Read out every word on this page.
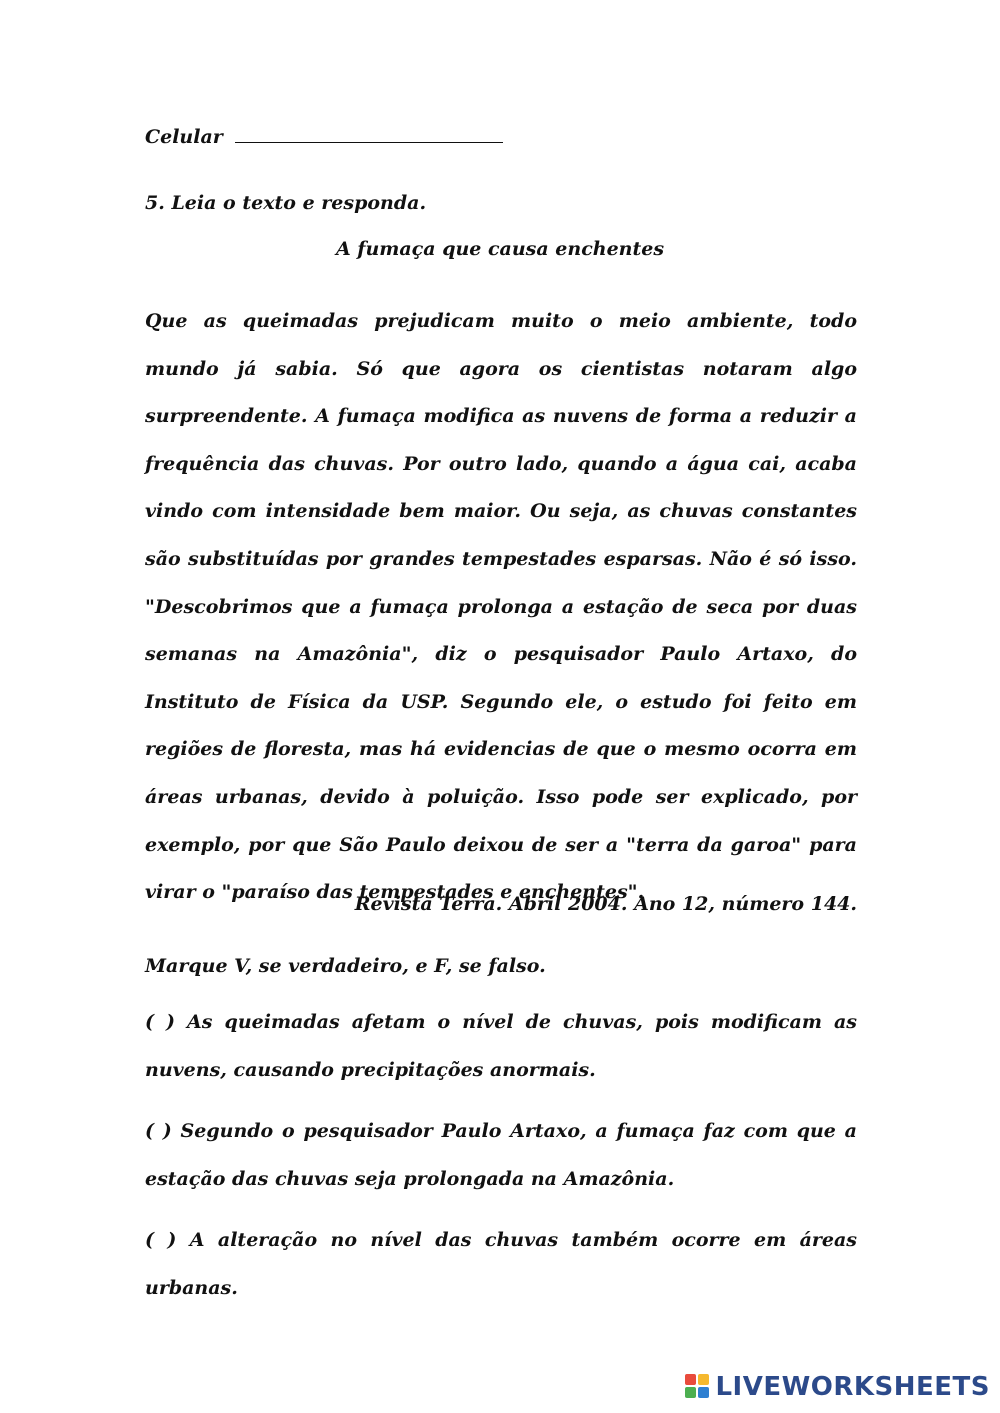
Celular
5. Leia o texto e responda.
A fumaça que causa enchentes
Que as queimadas prejudicam muito o meio ambiente, todo mundo já sabia. Só que agora os cientistas notaram algo surpreendente. A fumaça modifica as nuvens de forma a reduzir a frequência das chuvas. Por outro lado, quando a água cai, acaba vindo com intensidade bem maior. Ou seja, as chuvas constantes são substituídas por grandes tempestades esparsas. Não é só isso. "Descobrimos que a fumaça prolonga a estação de seca por duas semanas na Amazônia", diz o pesquisador Paulo Artaxo, do Instituto de Física da USP. Segundo ele, o estudo foi feito em regiões de floresta, mas há evidencias de que o mesmo ocorra em áreas urbanas, devido à poluição. Isso pode ser explicado, por exemplo, por que São Paulo deixou de ser a "terra da garoa" para virar o "paraíso das tempestades e enchentes".
Revista Terra. Abril 2004. Ano 12, número 144.
Marque V, se verdadeiro, e F, se falso.
( ) As queimadas afetam o nível de chuvas, pois modificam as nuvens, causando precipitações anormais.
( ) Segundo o pesquisador Paulo Artaxo, a fumaça faz com que a estação das chuvas seja prolongada na Amazônia.
( ) A alteração no nível das chuvas também ocorre em áreas urbanas.
LIVEWORKSHEETS
